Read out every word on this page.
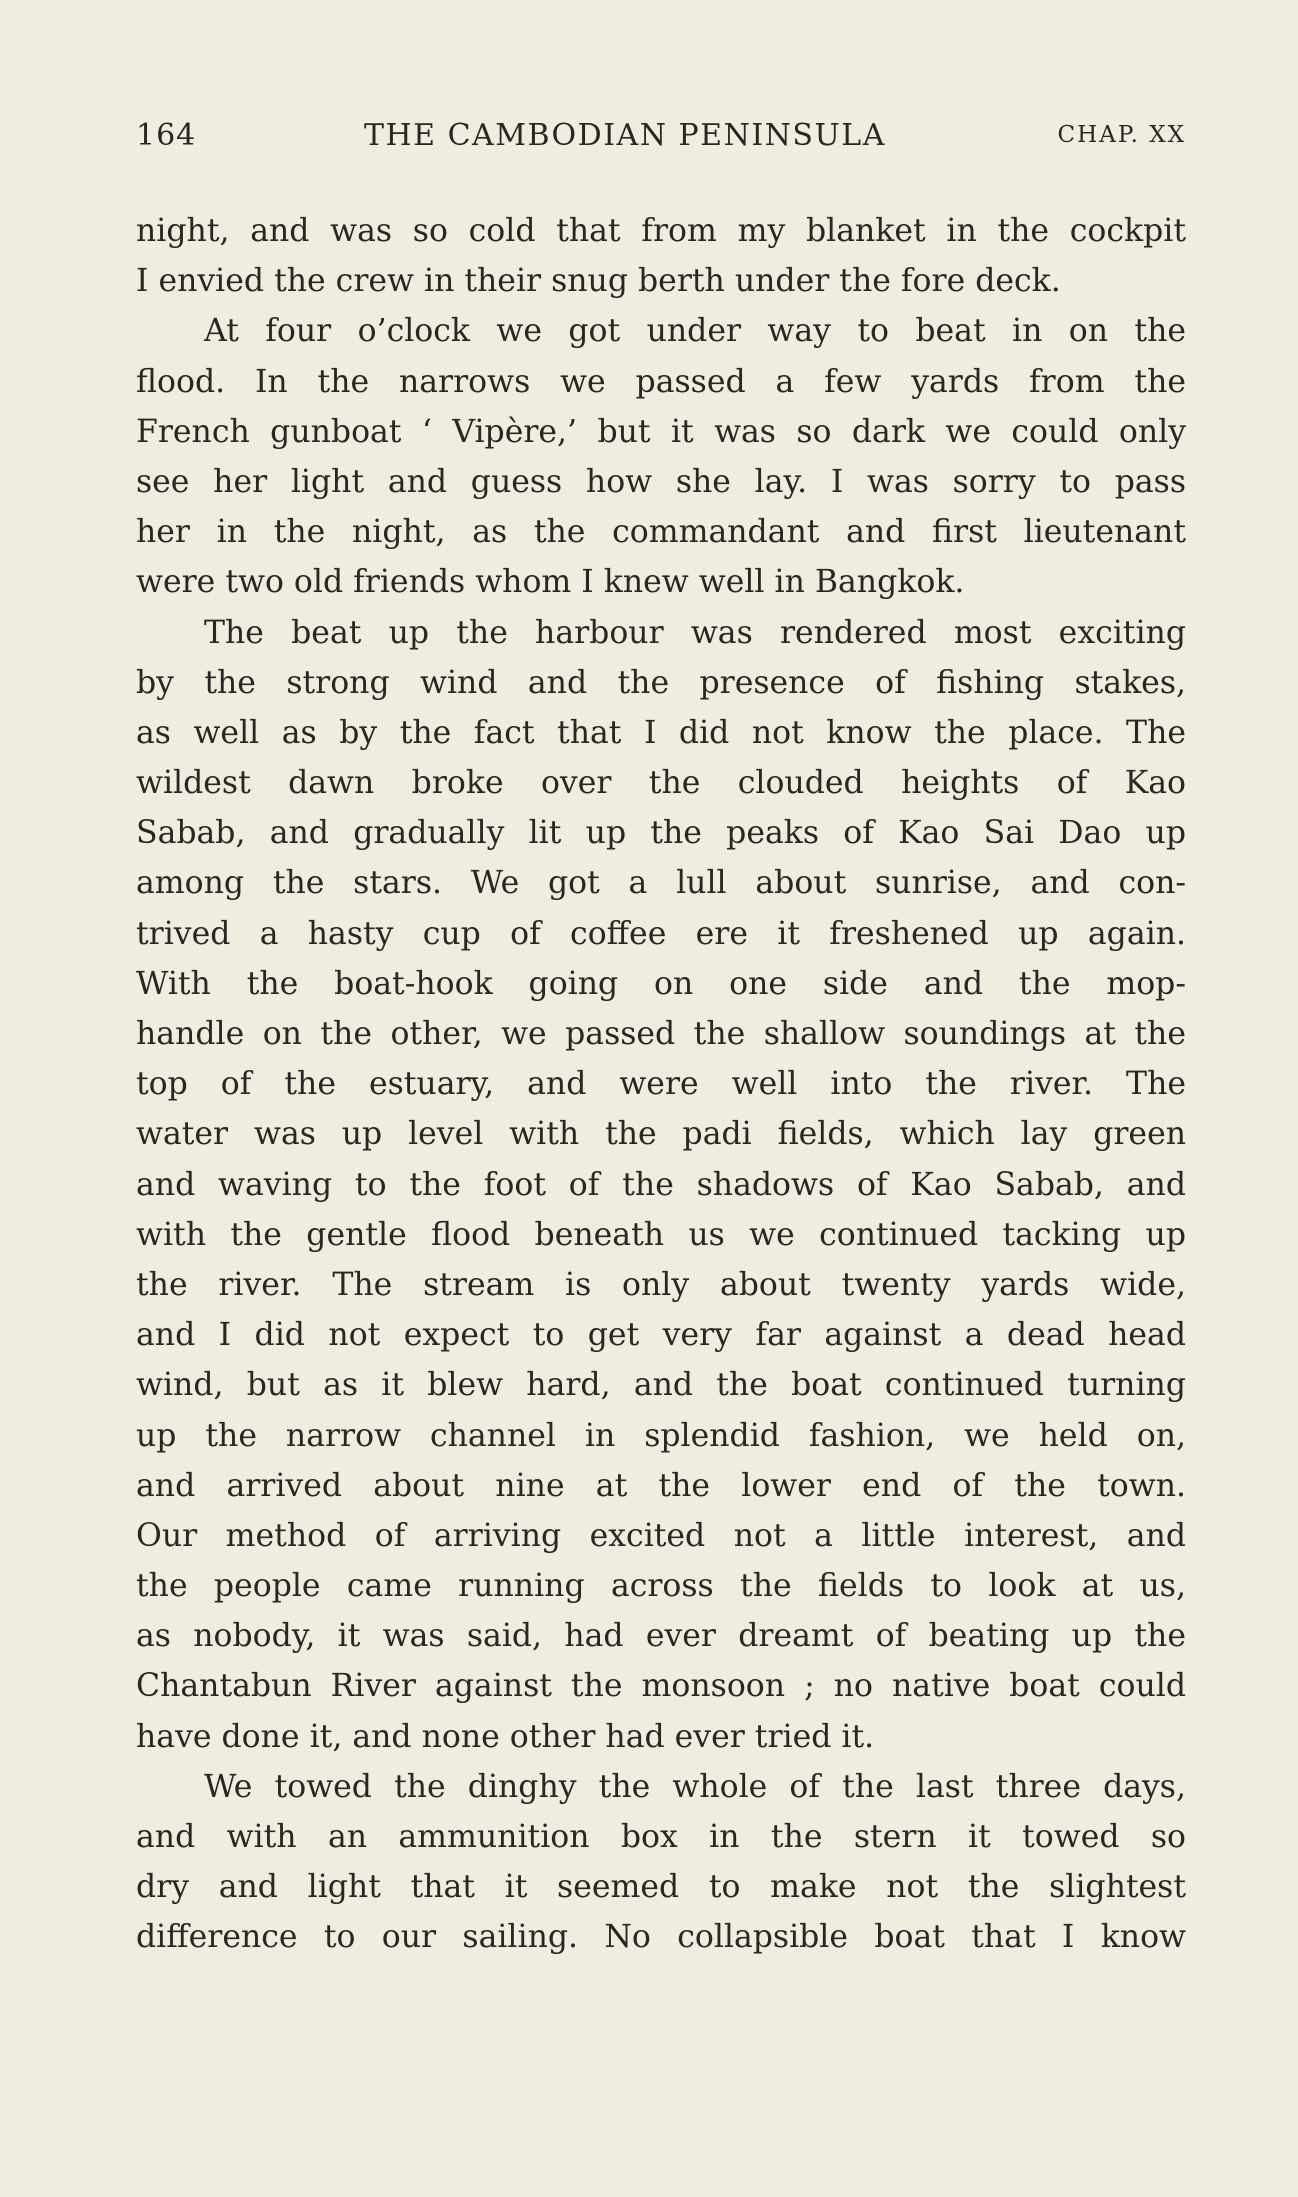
164	THE CAMBODIAN PENINSULA	CHAP. XX
night, and was so cold that from my blanket in the cockpit
I envied the crew in their snug berth under the fore deck.
At four o’clock we got under way to beat in on the
flood. In the narrows we passed a few yards from the
French gunboat ‘ Vipère,’ but it was so dark we could only
see her light and guess how she lay. I was sorry to pass
her in the night, as the commandant and first lieutenant
were two old friends whom I knew well in Bangkok.
The beat up the harbour was rendered most exciting
by the strong wind and the presence of fishing stakes,
as well as by the fact that I did not know the place. The
wildest dawn broke over the clouded heights of Kao
Sabab, and gradually lit up the peaks of Kao Sai Dao up
among the stars. We got a lull about sunrise, and con-
trived a hasty cup of coffee ere it freshened up again.
With the boat-hook going on one side and the mop-
handle on the other, we passed the shallow soundings at the
top of the estuary, and were well into the river. The
water was up level with the padi fields, which lay green
and waving to the foot of the shadows of Kao Sabab, and
with the gentle flood beneath us we continued tacking up
the river. The stream is only about twenty yards wide,
and I did not expect to get very far against a dead head
wind, but as it blew hard, and the boat continued turning
up the narrow channel in splendid fashion, we held on,
and arrived about nine at the lower end of the town.
Our method of arriving excited not a little interest, and
the people came running across the fields to look at us,
as nobody, it was said, had ever dreamt of beating up the
Chantabun River against the monsoon ; no native boat could
have done it, and none other had ever tried it.
We towed the dinghy the whole of the last three days,
and with an ammunition box in the stern it towed so
dry and light that it seemed to make not the slightest
difference to our sailing. No collapsible boat that I know
